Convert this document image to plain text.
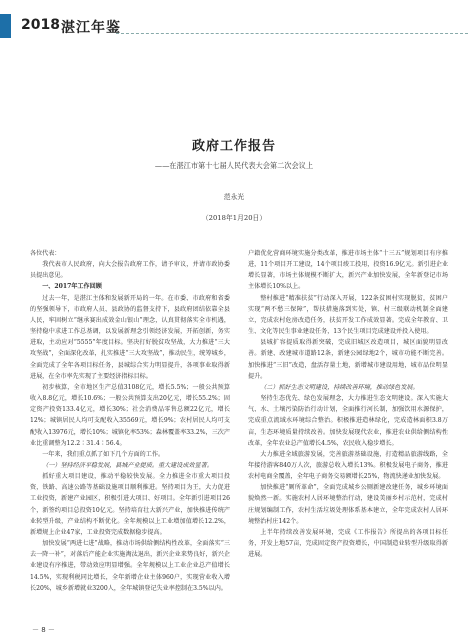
2018 湛江年鉴
政府工作报告
——在湛江市第十七届人民代表大会第二次会议上
范永光
（2018年1月20日）

各位代表：

我代表市人民政府，向大会报告政府工作，请予审议，并请市政协委员提出意见。

一、2017年工作回顾

过去一年，是湛江主体和发展新开局的一年。在市委、市政府和省委的坚强领导下，市政府人员、县政协的监督支持下，县政府团结依靠全县人民，牢固树立“继承赛出成效金山银山”理念，认真贯彻落实全市机遇，坚持稳中求进工作总基调，以发展新理念引领经济发展，开拓创新，务实进取，主动应对“5555”年度目标。坚决打好脱贫攻坚战，大力推进“三大攻坚战”，全面深化改革，扎实推进“三大攻坚战”，推动民生，统筹城乡，全面完成了全年各项目标任务，县城综合实力明显提升，各项事业取得新进展，在全市率先实现了主要经济指标目标。

初步核算，全市地区生产总值3108亿元，增长5.5%；一般公共预算收入8.8亿元，增长10.6%；一般公共预算支出20亿元，增长55.2%；固定资产投资133.4亿元，增长30%；社会消费品零售总额22亿元，增长12%；城镇居民人均可支配收入35569元，增长9%；农村居民人均可支配收入13976元，增长10%；城镇化率53%；森林覆盖率33.2%，三次产业比重调整为12.2∶31.4∶56.4。

一年来，我们重点抓了如下几个方面的工作。

（一）坚持经济平稳发展，县城产业提质。重大建设成效显著。

抓好重大项目建设，推动平稳较快发展。全力推进全市重大项目投资，铁路、高速公路等基础设施项目顺利推进。坚持项目为王，大力促进工业投资，新建产业园区，积极引进大项目、好项目。全年新引进项目26个，新签约项目总投资10亿元。坚持培育壮大新兴产业，加快推进传统产业转型升级，产业结构不断优化。全年规模以上工业增加值增长12.2%，新增规上企业47家，工业投资完成数据稳步提高。

加快发展“两进七进”战略，推动市场供给侧结构性改革，全面落实“三去一降一补”，对落后产能企业实施淘汰退出，新兴企业来势良好，新兴企业建设有序推进，带动效应明显增强。全年规模以上工业企业总产值增长14.5%，实现利税同比增长，全年新增企业主体960户，实现营业收入增长20%，城乡新增就业3200人，全年城镇登记失业率控制在3.5%以内。

户籍优化营商环境实施分类改革，推进市场主体“十三五”规划项目有序推进，11个项目开工建设，14个项目竣工投用，投资16.9亿元。新引进企业增长显著，市场主体规模不断扩大，新兴产业加快发展，全年新登记市场主体增长10%以上。

整村推进“精准扶贫”行动深入开展，122条贫困村实现脱贫，贫困户实现“两不愁三保障”，帮扶措施落到实处，镇、村三级联动机制全面建立，完成农村危房改造任务，扶贫开发工作成效显著。完成全年教育、卫生、文化等民生事业建设任务，13个民生项目完成建设并投入使用。

县城扩容提质取得新突破，完成旧城区改造项目，城区面貌明显改善。新建、改建城市道路12条，新建公园绿地2个，城市功能不断完善。加快推进“三旧”改造，盘活存量土地，新增城市建设用地，城市品位明显提升。

（二）抓好生态文明建设，持续改善环境，推动绿色发展。

坚持生态优先、绿色发展理念，大力推进生态文明建设。深入实施大气、水、土壤污染防治行动计划，全面推行河长制，加强饮用水源保护，完成重点流域水环境综合整治。积极推进造林绿化，完成造林面积3.8万亩，生态环境质量持续改善。加快发展现代农业，推进农业供给侧结构性改革，全年农业总产值增长4.5%，农民收入稳步增长。

大力推进全域旅游发展，完善旅游基础设施，打造精品旅游线路，全年接待游客840万人次，旅游总收入增长13%。积极发展电子商务，推进农村电商全覆盖，全年电子商务交易额增长25%，物流快递业加快发展。

加快推进“厕所革命”，全面完成城乡公厕新建改建任务，城乡环境面貌焕然一新。实施农村人居环境整治行动，建设美丽乡村示范村，完成村庄规划编制工作，农村生活垃圾处理体系基本建立，全年完成农村人居环境整治村庄142个。

上半年持续改善发展环境，完成《工作报告》所提出的各项目标任务，开发上地57亩，完成固定资产投资增长，中国制造业转型升级取得新进展。

－ 8 －
